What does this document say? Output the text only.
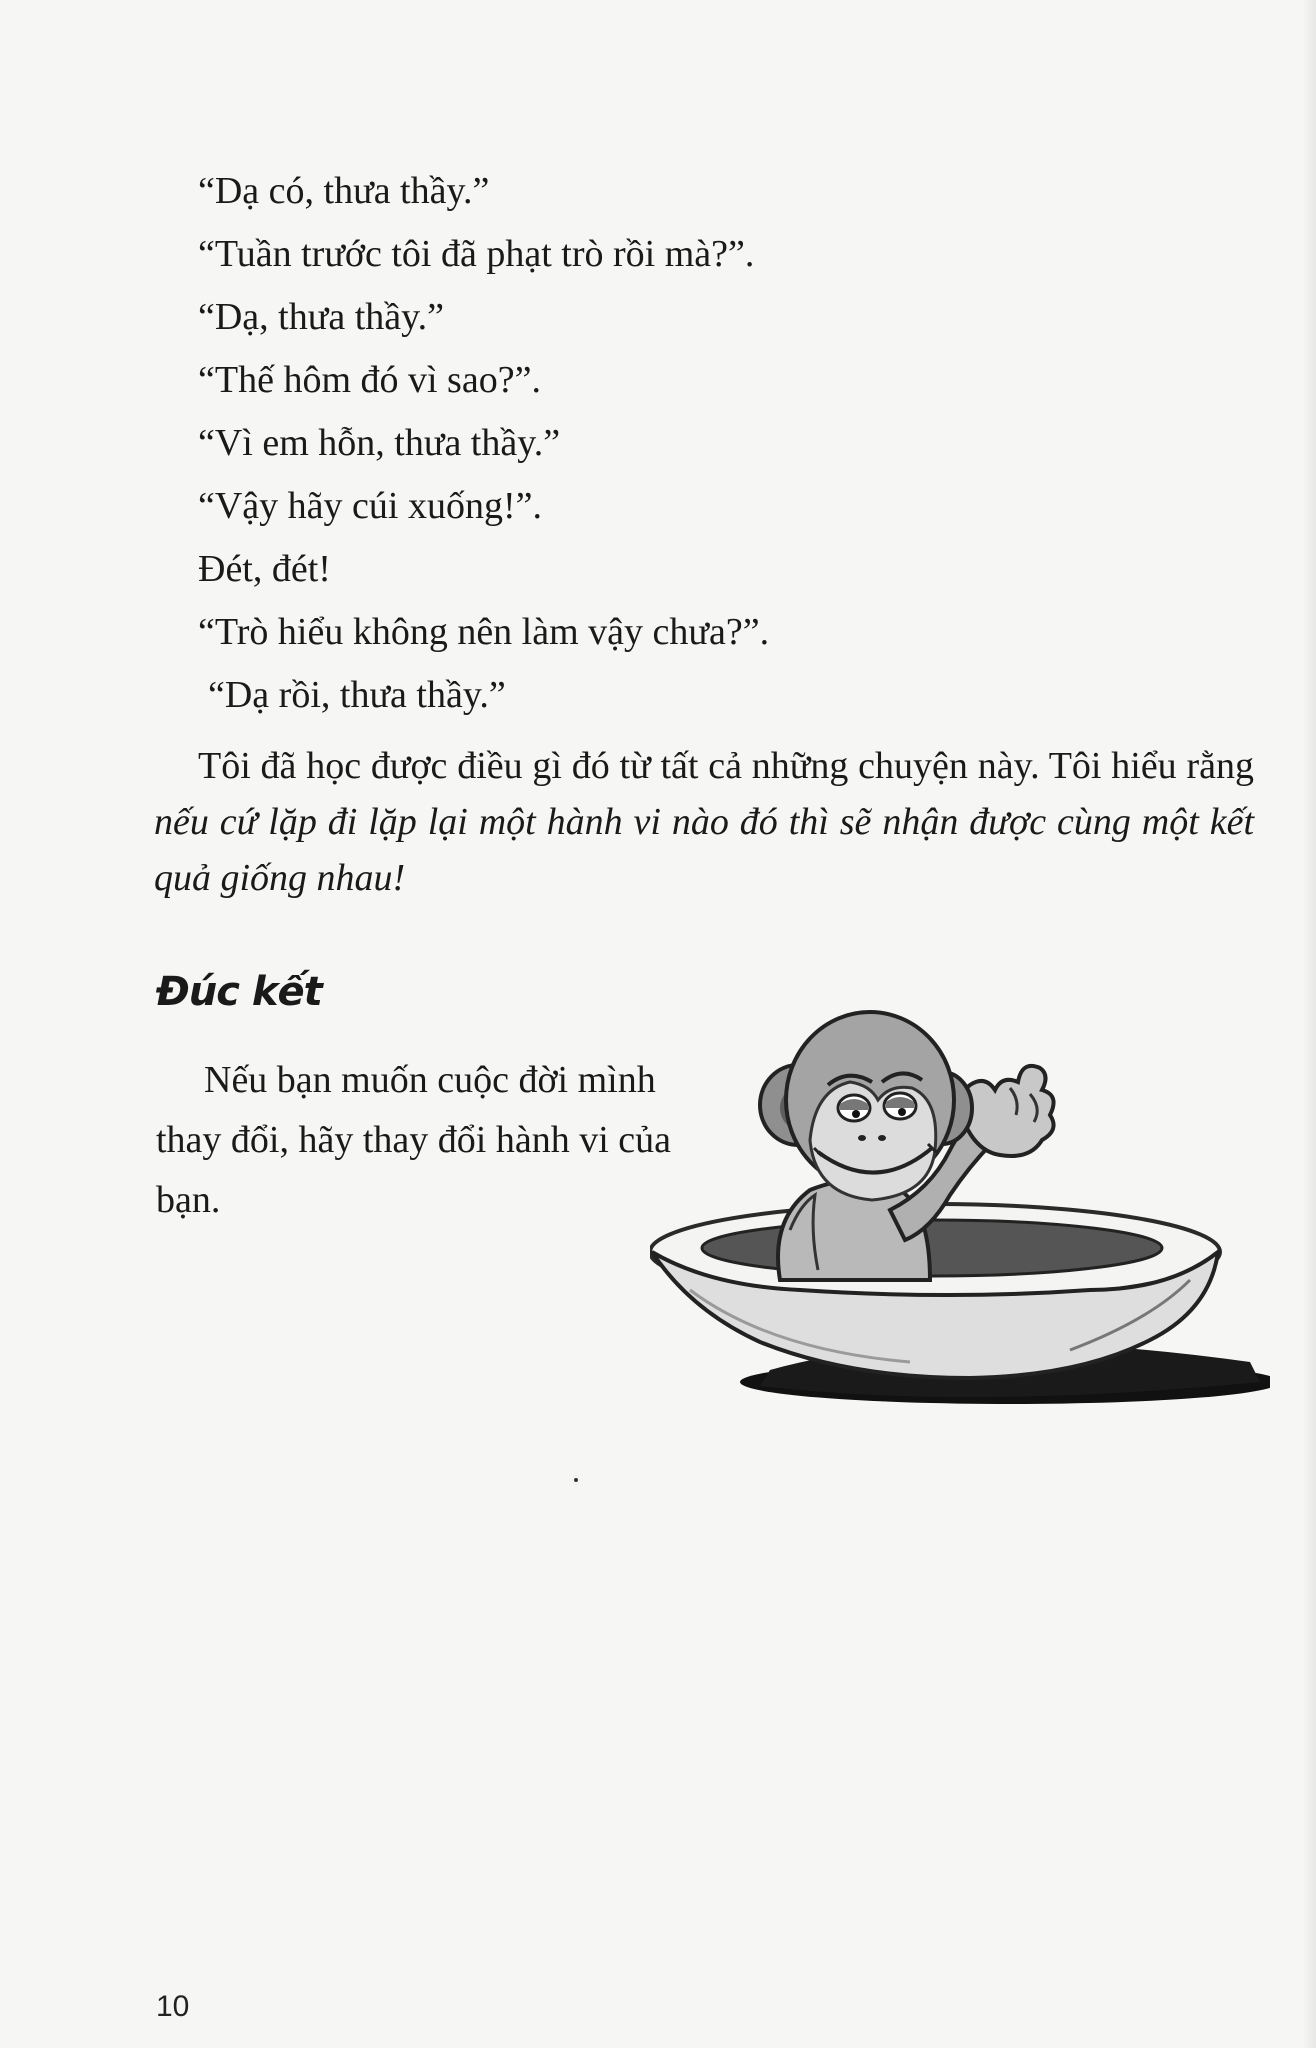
“Dạ có, thưa thầy.”
“Tuần trước tôi đã phạt trò rồi mà?”.
“Dạ, thưa thầy.”
“Thế hôm đó vì sao?”.
“Vì em hỗn, thưa thầy.”
“Vậy hãy cúi xuống!”.
Đét, đét!
“Trò hiểu không nên làm vậy chưa?”.
“Dạ rồi, thưa thầy.”

Tôi đã học được điều gì đó từ tất cả những chuyện này. Tôi hiểu rằng nếu cứ lặp đi lặp lại một hành vi nào đó thì sẽ nhận được cùng một kết quả giống nhau!

Đúc kết

Nếu bạn muốn cuộc đời mình thay đổi, hãy thay đổi hành vi của bạn.

10
